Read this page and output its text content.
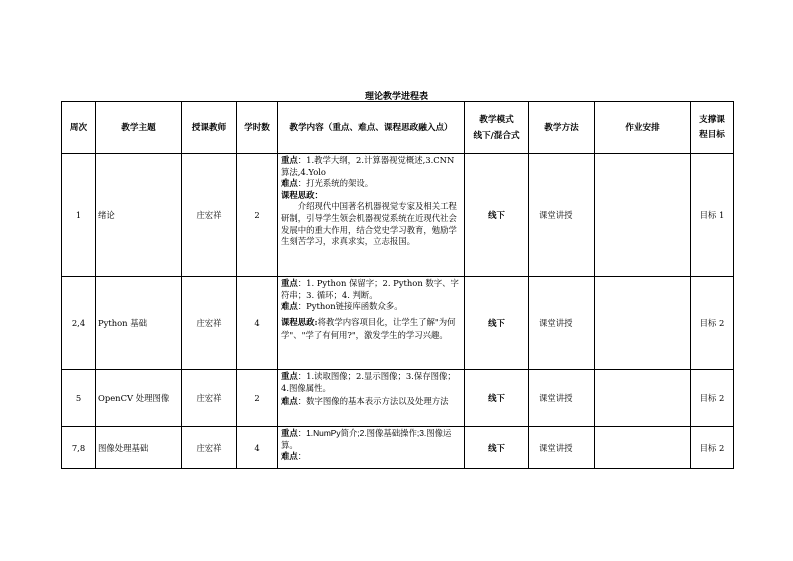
理论教学进程表
周次	教学主题	授课教师	学时数	教学内容（重点、难点、课程思政融入点）	教学模式
线下/混合式	教学方法	作业安排	支撑课程目标
1	绪论	庄宏祥	2	重点：1.教学大纲，2.计算器视觉概述,3.CNN算法,4.Yolo

难点：打光系统的架设。

课程思政：

介绍现代中国著名机器视觉专家及相关工程研制，引导学生领会机器视觉系统在近现代社会发展中的重大作用，结合党史学习教育，勉励学生刻苦学习，求真求实，立志报国。	线下	课堂讲授		目标 1
2,4	Python 基础	庄宏祥	4	重点：1. Python 保留字；2. Python 数字、字符串；3. 循环；4. 判断。

难点：Python链接库函数众多。

课程思政:将教学内容项目化，让学生了解"为何学"、"学了有何用?"，激发学生的学习兴趣。	线下	课堂讲授		目标 2
5	OpenCV 处理图像	庄宏祥	2	重点：1.读取图像；2.显示图像；3.保存图像；4.图像属性。

难点：数字图像的基本表示方法以及处理方法	线下	课堂讲授		目标 2
7,8	图像处理基础	庄宏祥	4	重点：1.NumPy简介;2.图像基础操作;3.图像运算。

难点：	线下	课堂讲授		目标 2
